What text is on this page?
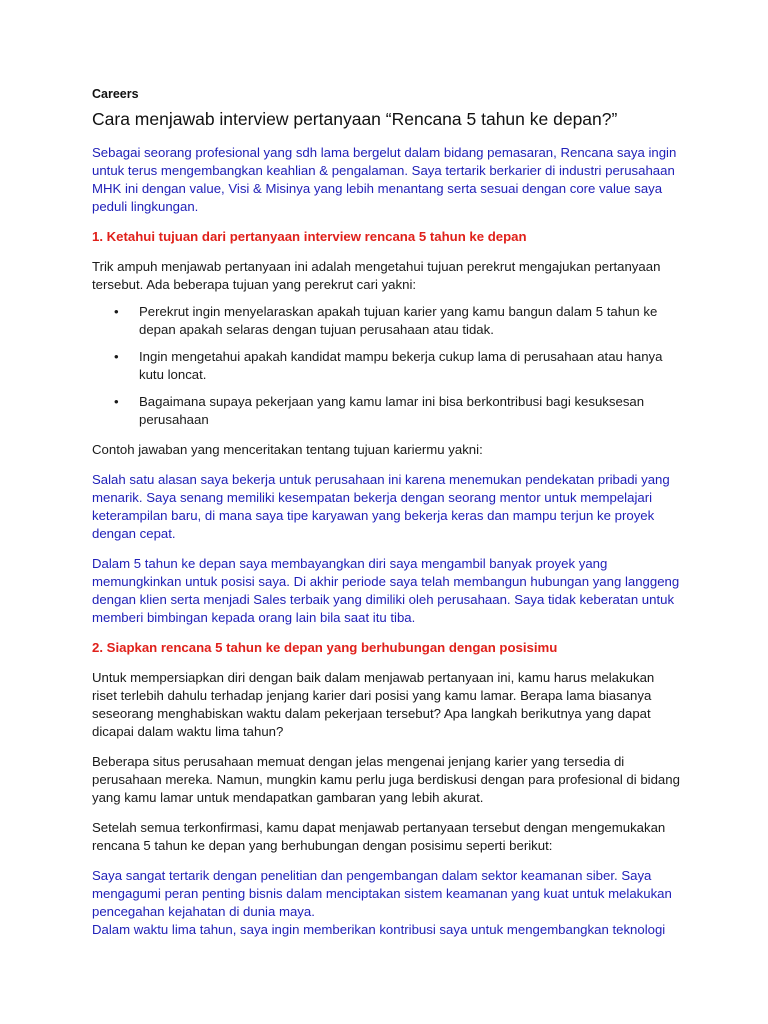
Careers
Cara menjawab interview pertanyaan “Rencana 5 tahun ke depan?”

Sebagai seorang profesional yang sdh lama bergelut dalam bidang pemasaran, Rencana saya ingin untuk terus mengembangkan keahlian & pengalaman. Saya tertarik berkarier di industri perusahaan MHK ini dengan value, Visi & Misinya yang lebih menantang serta sesuai dengan core value saya peduli lingkungan.

1. Ketahui tujuan dari pertanyaan interview rencana 5 tahun ke depan

Trik ampuh menjawab pertanyaan ini adalah mengetahui tujuan perekrut mengajukan pertanyaan tersebut. Ada beberapa tujuan yang perekrut cari yakni:

• Perekrut ingin menyelaraskan apakah tujuan karier yang kamu bangun dalam 5 tahun ke depan apakah selaras dengan tujuan perusahaan atau tidak.
• Ingin mengetahui apakah kandidat mampu bekerja cukup lama di perusahaan atau hanya kutu loncat.
• Bagaimana supaya pekerjaan yang kamu lamar ini bisa berkontribusi bagi kesuksesan perusahaan

Contoh jawaban yang menceritakan tentang tujuan kariermu yakni:

Salah satu alasan saya bekerja untuk perusahaan ini karena menemukan pendekatan pribadi yang menarik. Saya senang memiliki kesempatan bekerja dengan seorang mentor untuk mempelajari keterampilan baru, di mana saya tipe karyawan yang bekerja keras dan mampu terjun ke proyek dengan cepat.

Dalam 5 tahun ke depan saya membayangkan diri saya mengambil banyak proyek yang memungkinkan untuk posisi saya. Di akhir periode saya telah membangun hubungan yang langgeng dengan klien serta menjadi Sales terbaik yang dimiliki oleh perusahaan. Saya tidak keberatan untuk memberi bimbingan kepada orang lain bila saat itu tiba.

2. Siapkan rencana 5 tahun ke depan yang berhubungan dengan posisimu

Untuk mempersiapkan diri dengan baik dalam menjawab pertanyaan ini, kamu harus melakukan riset terlebih dahulu terhadap jenjang karier dari posisi yang kamu lamar. Berapa lama biasanya seseorang menghabiskan waktu dalam pekerjaan tersebut? Apa langkah berikutnya yang dapat dicapai dalam waktu lima tahun?

Beberapa situs perusahaan memuat dengan jelas mengenai jenjang karier yang tersedia di perusahaan mereka. Namun, mungkin kamu perlu juga berdiskusi dengan para profesional di bidang yang kamu lamar untuk mendapatkan gambaran yang lebih akurat.

Setelah semua terkonfirmasi, kamu dapat menjawab pertanyaan tersebut dengan mengemukakan rencana 5 tahun ke depan yang berhubungan dengan posisimu seperti berikut:

Saya sangat tertarik dengan penelitian dan pengembangan dalam sektor keamanan siber. Saya mengagumi peran penting bisnis dalam menciptakan sistem keamanan yang kuat untuk melakukan pencegahan kejahatan di dunia maya.

Dalam waktu lima tahun, saya ingin memberikan kontribusi saya untuk mengembangkan teknologi
